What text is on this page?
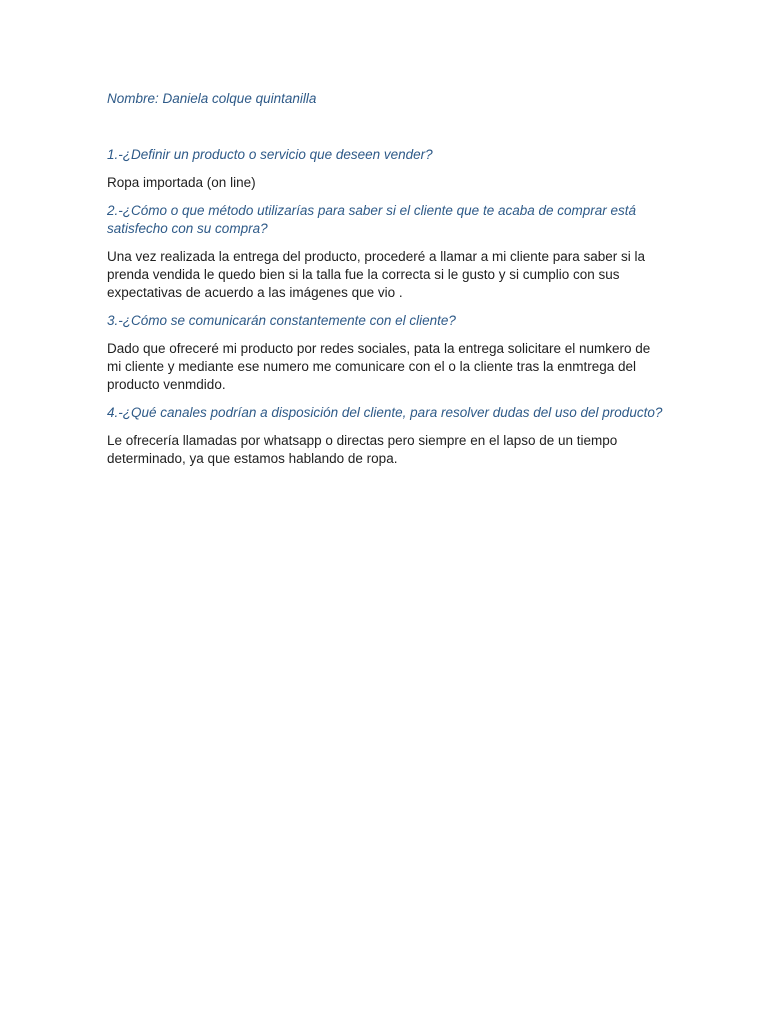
Nombre: Daniela colque quintanilla

1.-¿Definir un producto o servicio que deseen vender?

Ropa importada (on line)

2.-¿Cómo o que método utilizarías para saber si el cliente que te acaba de comprar está satisfecho con su compra?

Una vez realizada la entrega del producto, procederé a llamar a mi cliente para saber si la prenda vendida le quedo bien si la talla fue la correcta si le gusto y si cumplio con sus expectativas de acuerdo a las imágenes que vio .

3.-¿Cómo se comunicarán constantemente con el cliente?

Dado que ofreceré mi producto por redes sociales, pata la entrega solicitare el numkero de mi cliente y mediante ese numero me comunicare con el o la cliente tras la enmtrega del producto venmdido.

4.-¿Qué canales podrían a disposición del cliente, para resolver dudas del uso del producto?

Le ofrecería llamadas por whatsapp o directas pero siempre en el lapso de un tiempo determinado, ya que estamos hablando de ropa.
